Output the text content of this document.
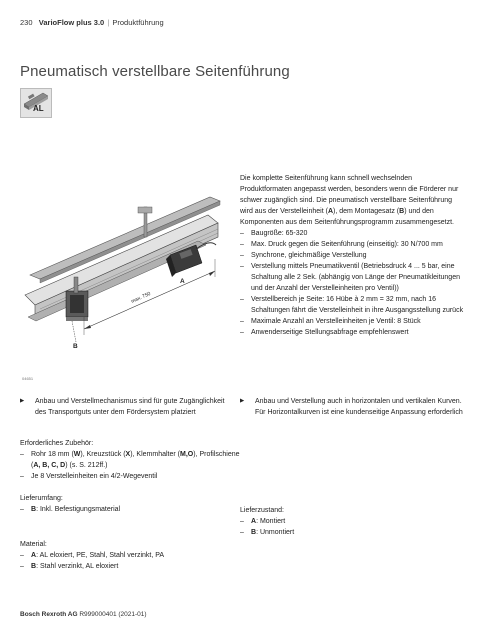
230 VarioFlow plus 3.0 | Produktführung
Pneumatisch verstellbare Seitenführung
AL
max. 750
A
B
04651
Die komplette Seitenführung kann schnell wechselnden Produktformaten angepasst werden, besonders wenn die Förderer nur schwer zugänglich sind. Die pneumatisch verstellbare Seitenführung wird aus der Verstelleinheit (A), dem Montagesatz (B) und den Komponenten aus dem Seitenführungsprogramm zusammengesetzt.
– Baugröße: 65-320
– Max. Druck gegen die Seitenführung (einseitig): 30 N/700 mm
– Synchrone, gleichmäßige Verstellung
– Verstellung mittels Pneumatikventil (Betriebsdruck 4 ... 5 bar, eine Schaltung alle 2 Sek. (abhängig von Länge der Pneumatikleitungen und der Anzahl der Verstelleinheiten pro Ventil))
– Verstellbereich je Seite: 16 Hübe à 2 mm = 32 mm, nach 16 Schaltungen fährt die Verstelleinheit in ihre Ausgangsstellung zurück
– Maximale Anzahl an Verstelleinheiten je Ventil: 8 Stück
– Anwenderseitige Stellungsabfrage empfehlenswert
▶ Anbau und Verstellmechanismus sind für gute Zugänglichkeit des Transportguts unter dem Fördersystem platziert
▶ Anbau und Verstellung auch in horizontalen und vertikalen Kurven. Für Horizontalkurven ist eine kundenseitige Anpassung erforderlich
Erforderliches Zubehör:
– Rohr 18 mm (W), Kreuzstück (X), Klemmhalter (M,O), Profilschiene (A, B, C, D) (s. S. 212ff.)
– Je 8 Verstelleinheiten ein 4/2-Wegeventil
Lieferumfang:
– B: Inkl. Befestigungsmaterial	Lieferzustand:
– A: Montiert
– B: Unmontiert
Material:
– A: AL eloxiert, PE, Stahl, Stahl verzinkt, PA
– B: Stahl verzinkt, AL eloxiert
Bosch Rexroth AG R999000401 (2021-01)
